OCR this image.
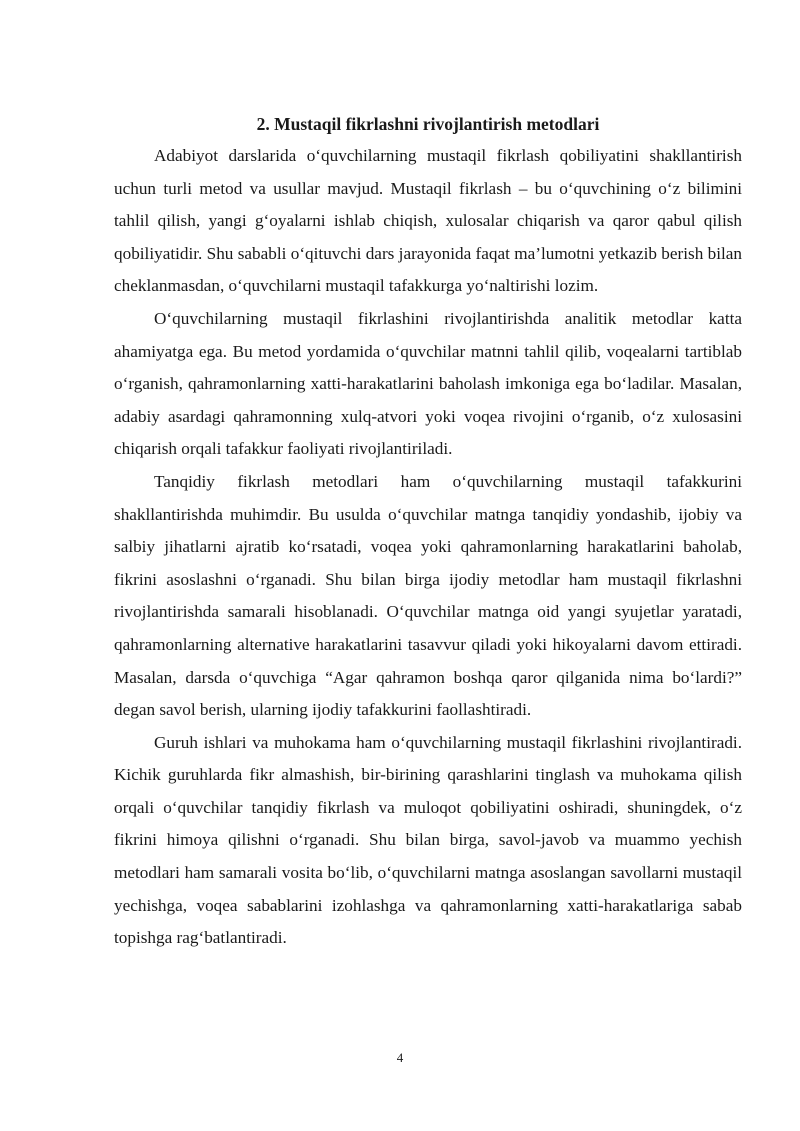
2. Mustaqil fikrlashni rivojlantirish metodlari

Adabiyot darslarida o‘quvchilarning mustaqil fikrlash qobiliyatini shakllantirish uchun turli metod va usullar mavjud. Mustaqil fikrlash – bu o‘quvchining o‘z bilimini tahlil qilish, yangi g‘oyalarni ishlab chiqish, xulosalar chiqarish va qaror qabul qilish qobiliyatidir. Shu sababli o‘qituvchi dars jarayonida faqat ma’lumotni yetkazib berish bilan cheklanmasdan, o‘quvchilarni mustaqil tafakkurga yo‘naltirishi lozim.

O‘quvchilarning mustaqil fikrlashini rivojlantirishda analitik metodlar katta ahamiyatga ega. Bu metod yordamida o‘quvchilar matnni tahlil qilib, voqealarni tartiblab o‘rganish, qahramonlarning xatti-harakatlarini baholash imkoniga ega bo‘ladilar. Masalan, adabiy asardagi qahramonning xulq-atvori yoki voqea rivojini o‘rganib, o‘z xulosasini chiqarish orqali tafakkur faoliyati rivojlantiriladi.

Tanqidiy fikrlash metodlari ham o‘quvchilarning mustaqil tafakkurini shakllantirishda muhimdir. Bu usulda o‘quvchilar matnga tanqidiy yondashib, ijobiy va salbiy jihatlarni ajratib ko‘rsatadi, voqea yoki qahramonlarning harakatlarini baholab, fikrini asoslashni o‘rganadi. Shu bilan birga ijodiy metodlar ham mustaqil fikrlashni rivojlantirishda samarali hisoblanadi. O‘quvchilar matnga oid yangi syujetlar yaratadi, qahramonlarning alternative harakatlarini tasavvur qiladi yoki hikoyalarni davom ettiradi. Masalan, darsda o‘quvchiga “Agar qahramon boshqa qaror qilganida nima bo‘lardi?” degan savol berish, ularning ijodiy tafakkurini faollashtiradi.

Guruh ishlari va muhokama ham o‘quvchilarning mustaqil fikrlashini rivojlantiradi. Kichik guruhlarda fikr almashish, bir-birining qarashlarini tinglash va muhokama qilish orqali o‘quvchilar tanqidiy fikrlash va muloqot qobiliyatini oshiradi, shuningdek, o‘z fikrini himoya qilishni o‘rganadi. Shu bilan birga, savol-javob va muammo yechish metodlari ham samarali vosita bo‘lib, o‘quvchilarni matnga asoslangan savollarni mustaqil yechishga, voqea sabablarini izohlashga va qahramonlarning xatti-harakatlariga sabab topishga rag‘batlantiradi.

4
